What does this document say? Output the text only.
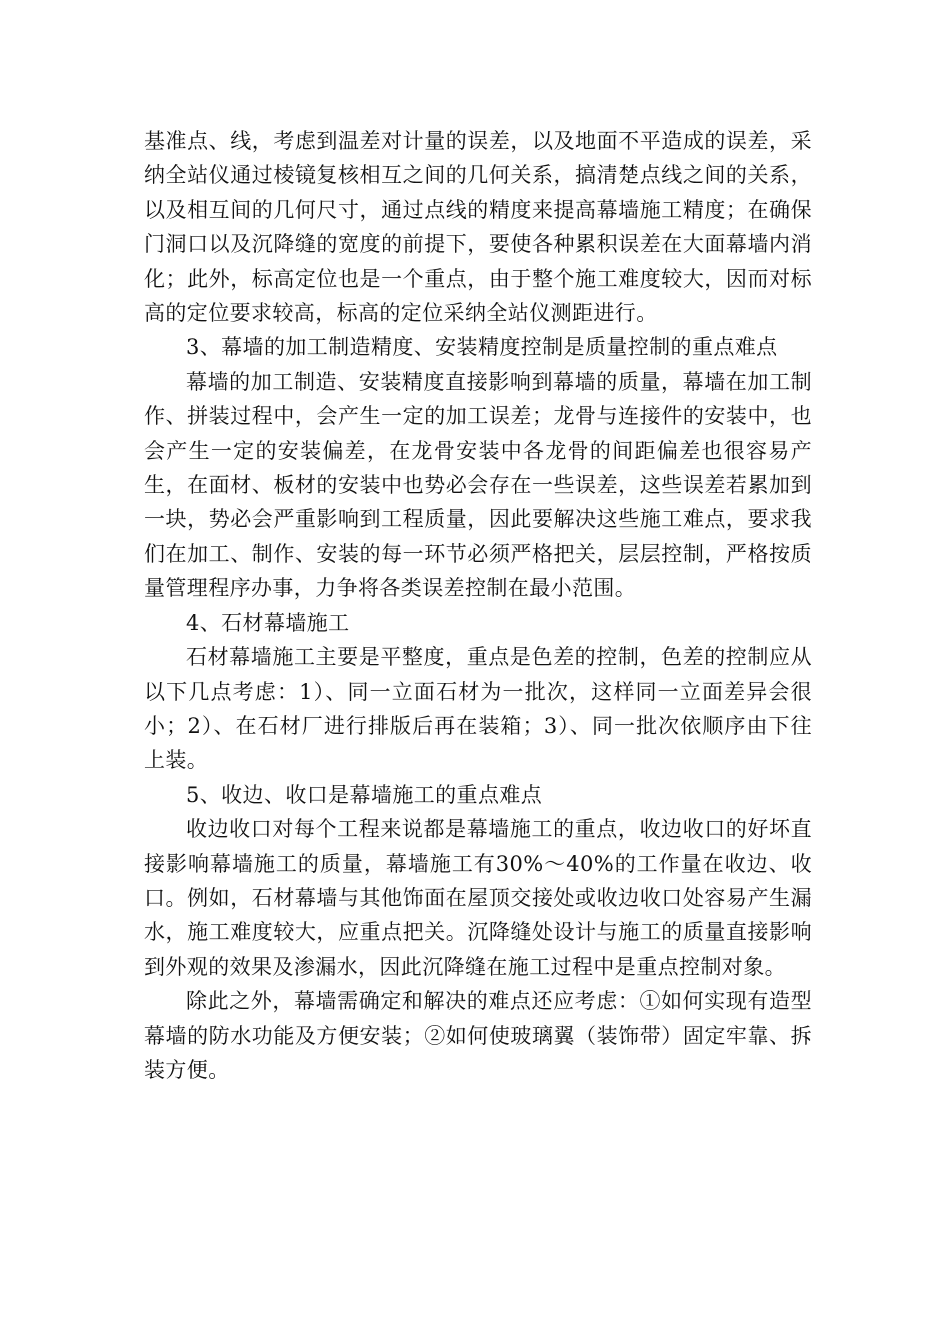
基准点、线，考虑到温差对计量的误差，以及地面不平造成的误差，采纳全站仪通过棱镜复核相互之间的几何关系，搞清楚点线之间的关系，以及相互间的几何尺寸，通过点线的精度来提高幕墙施工精度；在确保门洞口以及沉降缝的宽度的前提下，要使各种累积误差在大面幕墙内消化；此外，标高定位也是一个重点，由于整个施工难度较大，因而对标高的定位要求较高，标高的定位采纳全站仪测距进行。

3、幕墙的加工制造精度、安装精度控制是质量控制的重点难点

幕墙的加工制造、安装精度直接影响到幕墙的质量，幕墙在加工制作、拼装过程中，会产生一定的加工误差；龙骨与连接件的安装中，也会产生一定的安装偏差，在龙骨安装中各龙骨的间距偏差也很容易产生，在面材、板材的安装中也势必会存在一些误差，这些误差若累加到一块，势必会严重影响到工程质量，因此要解决这些施工难点，要求我们在加工、制作、安装的每一环节必须严格把关，层层控制，严格按质量管理程序办事，力争将各类误差控制在最小范围。

4、石材幕墙施工

石材幕墙施工主要是平整度，重点是色差的控制，色差的控制应从以下几点考虑：1）、同一立面石材为一批次，这样同一立面差异会很小；2）、在石材厂进行排版后再在装箱；3）、同一批次依顺序由下往上装。

5、收边、收口是幕墙施工的重点难点

收边收口对每个工程来说都是幕墙施工的重点，收边收口的好坏直接影响幕墙施工的质量，幕墙施工有30%～40%的工作量在收边、收口。例如，石材幕墙与其他饰面在屋顶交接处或收边收口处容易产生漏水，施工难度较大，应重点把关。沉降缝处设计与施工的质量直接影响到外观的效果及渗漏水，因此沉降缝在施工过程中是重点控制对象。

除此之外，幕墙需确定和解决的难点还应考虑：①如何实现有造型幕墙的防水功能及方便安装；②如何使玻璃翼（装饰带）固定牢靠、拆装方便。
